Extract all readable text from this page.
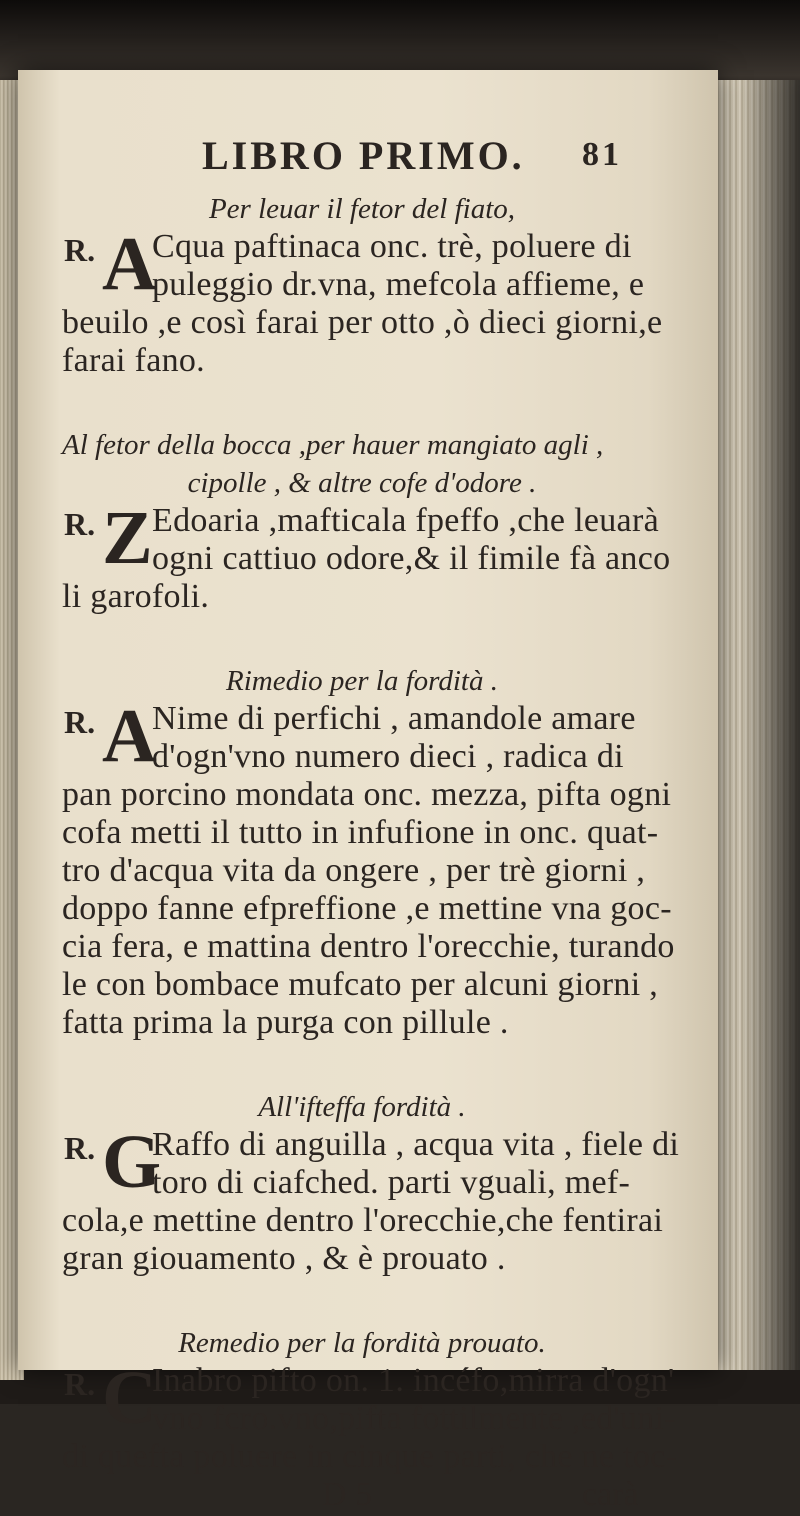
LIBRO PRIMO. 81

Per leuar il fetor del fiato,

R. A

Cqua paftinaca onc. trè, poluere di

puleggio dr.vna, mefcola affieme, e

beuilo ,e così farai per otto ,ò dieci giorni,e

farai fano.

Al fetor della bocca ,per hauer mangiato agli ,

cipolle , & altre cofe d'odore .

R. Z Edoaria ,mafticala fpeffo ,che leuarà

ogni cattiuo odore,& il fimile fà anco

li garofoli.

Rimedio per la fordità .

R. A

Nime di perfichi , amandole amare

d'ogn'vno numero dieci , radica di

pan porcino mondata onc. mezza, pifta ogni

cofa metti il tutto in infufione in onc. quat-

tro d'acqua vita da ongere , per trè giorni ,

doppo fanne efpreffione ,e mettine vna goc-

cia fera, e mattina dentro l'orecchie, turando

le con bombace mufcato per alcuni giorni ,

fatta prima la purga con pillule .

All'ifteffa fordità .

R. G

Raffo di anguilla , acqua vita , fiele di

toro di ciafched. parti vguali, mef-

cola,e mettine dentro l'orecchie,che fentirai

gran giouamento , & è prouato .

Remedio per la fordità prouato.

R. C

Inabro pifto on. 1. incéfo,mirra d'ogn'

vno fcro.vno,pifta fottilmente ,ed'uni-

di quefta poluere in cinque parti, che ne toc-

D 5	carà
